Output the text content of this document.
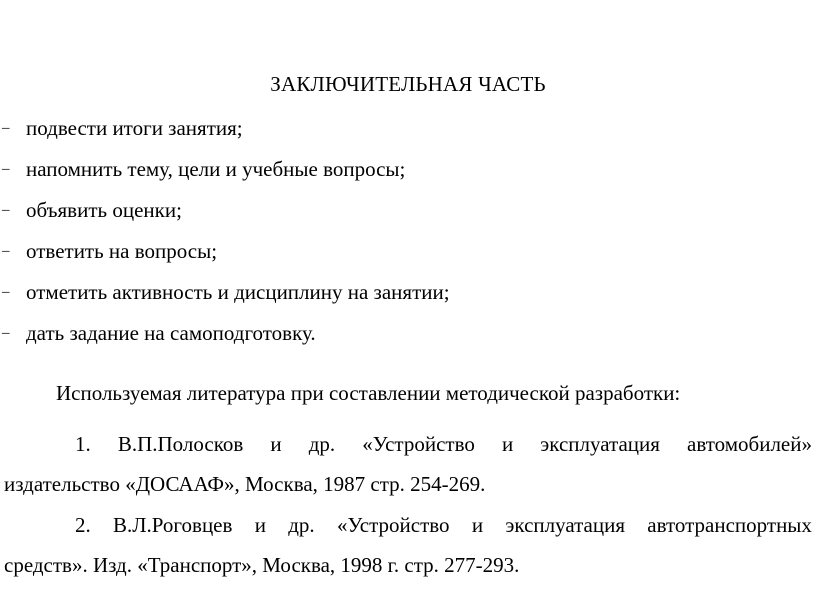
ЗАКЛЮЧИТЕЛЬНАЯ ЧАСТЬ
– подвести итоги занятия;
– напомнить тему, цели и учебные вопросы;
– объявить оценки;
– ответить на вопросы;
– отметить активность и дисциплину на занятии;
– дать задание на самоподготовку.
Используемая литература при составлении методической разработки:
1. В.П.Полосков и др. «Устройство и эксплуатация автомобилей»
издательство «ДОСААФ», Москва, 1987 стр. 254-269.
2. В.Л.Роговцев и др. «Устройство и эксплуатация автотранспортных
средств». Изд. «Транспорт», Москва, 1998 г. стр. 277-293.
